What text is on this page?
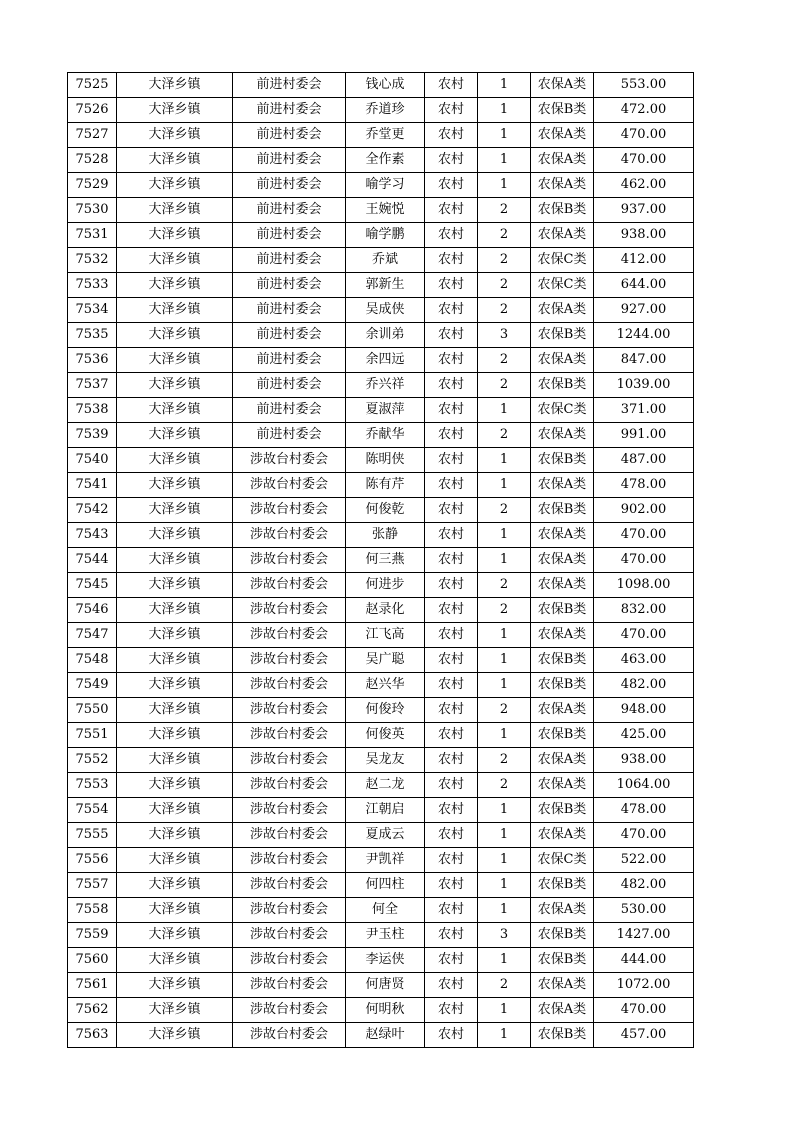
7525	大泽乡镇	前进村委会	钱心成	农村	1	农保A类	553.00
7526	大泽乡镇	前进村委会	乔道珍	农村	1	农保B类	472.00
7527	大泽乡镇	前进村委会	乔堂更	农村	1	农保A类	470.00
7528	大泽乡镇	前进村委会	全作素	农村	1	农保A类	470.00
7529	大泽乡镇	前进村委会	喻学习	农村	1	农保A类	462.00
7530	大泽乡镇	前进村委会	王婉悦	农村	2	农保B类	937.00
7531	大泽乡镇	前进村委会	喻学鹏	农村	2	农保A类	938.00
7532	大泽乡镇	前进村委会	乔斌	农村	2	农保C类	412.00
7533	大泽乡镇	前进村委会	郭新生	农村	2	农保C类	644.00
7534	大泽乡镇	前进村委会	吴成侠	农村	2	农保A类	927.00
7535	大泽乡镇	前进村委会	余训弟	农村	3	农保B类	1244.00
7536	大泽乡镇	前进村委会	余四远	农村	2	农保A类	847.00
7537	大泽乡镇	前进村委会	乔兴祥	农村	2	农保B类	1039.00
7538	大泽乡镇	前进村委会	夏淑萍	农村	1	农保C类	371.00
7539	大泽乡镇	前进村委会	乔献华	农村	2	农保A类	991.00
7540	大泽乡镇	涉故台村委会	陈明侠	农村	1	农保B类	487.00
7541	大泽乡镇	涉故台村委会	陈有芹	农村	1	农保A类	478.00
7542	大泽乡镇	涉故台村委会	何俊乾	农村	2	农保B类	902.00
7543	大泽乡镇	涉故台村委会	张静	农村	1	农保A类	470.00
7544	大泽乡镇	涉故台村委会	何三燕	农村	1	农保A类	470.00
7545	大泽乡镇	涉故台村委会	何进步	农村	2	农保A类	1098.00
7546	大泽乡镇	涉故台村委会	赵录化	农村	2	农保B类	832.00
7547	大泽乡镇	涉故台村委会	江飞高	农村	1	农保A类	470.00
7548	大泽乡镇	涉故台村委会	吴广聪	农村	1	农保B类	463.00
7549	大泽乡镇	涉故台村委会	赵兴华	农村	1	农保B类	482.00
7550	大泽乡镇	涉故台村委会	何俊玲	农村	2	农保A类	948.00
7551	大泽乡镇	涉故台村委会	何俊英	农村	1	农保B类	425.00
7552	大泽乡镇	涉故台村委会	吴龙友	农村	2	农保A类	938.00
7553	大泽乡镇	涉故台村委会	赵二龙	农村	2	农保A类	1064.00
7554	大泽乡镇	涉故台村委会	江朝启	农村	1	农保B类	478.00
7555	大泽乡镇	涉故台村委会	夏成云	农村	1	农保A类	470.00
7556	大泽乡镇	涉故台村委会	尹凯祥	农村	1	农保C类	522.00
7557	大泽乡镇	涉故台村委会	何四柱	农村	1	农保B类	482.00
7558	大泽乡镇	涉故台村委会	何全	农村	1	农保A类	530.00
7559	大泽乡镇	涉故台村委会	尹玉柱	农村	3	农保B类	1427.00
7560	大泽乡镇	涉故台村委会	李运侠	农村	1	农保B类	444.00
7561	大泽乡镇	涉故台村委会	何唐贤	农村	2	农保A类	1072.00
7562	大泽乡镇	涉故台村委会	何明秋	农村	1	农保A类	470.00
7563	大泽乡镇	涉故台村委会	赵绿叶	农村	1	农保B类	457.00
